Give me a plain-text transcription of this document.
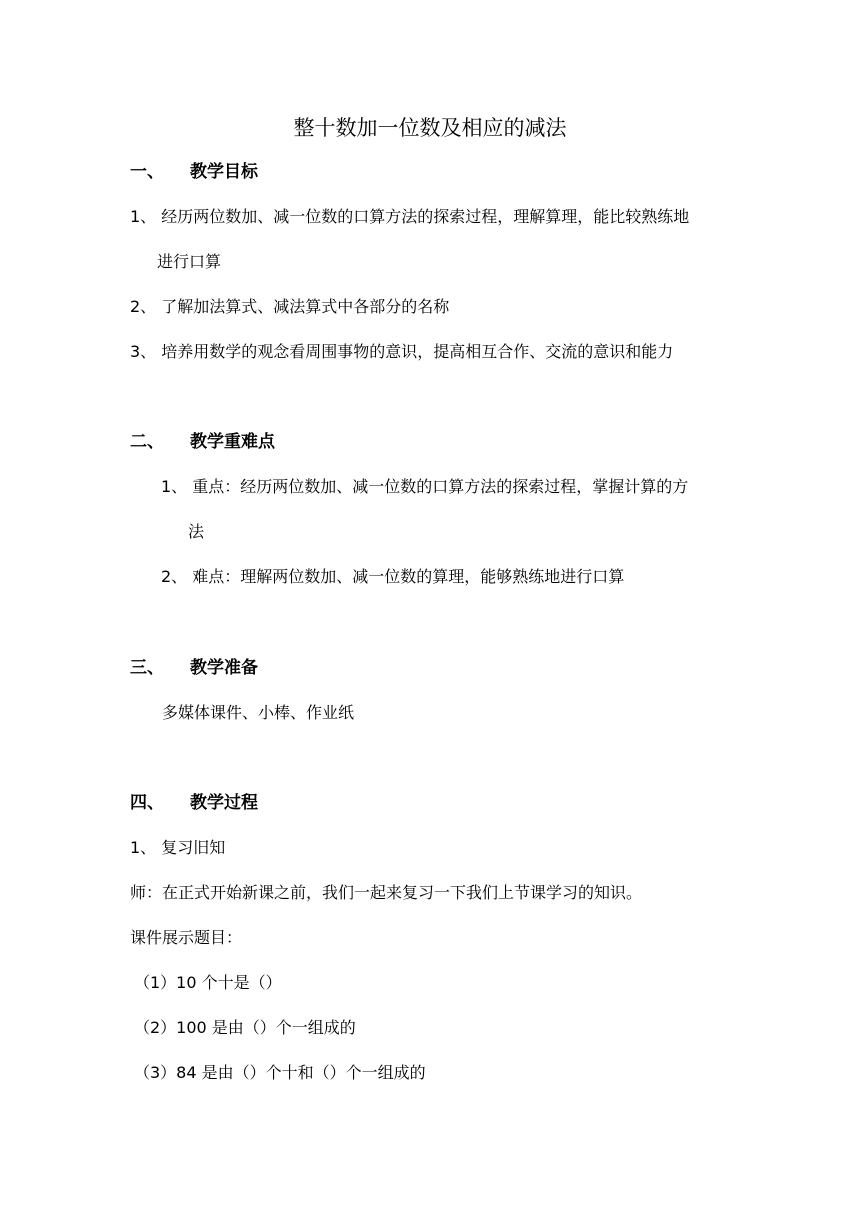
整十数加一位数及相应的减法
一、 教学目标
1、 经历两位数加、减一位数的口算方法的探索过程，理解算理，能比较熟练地
进行口算
2、 了解加法算式、减法算式中各部分的名称
3、 培养用数学的观念看周围事物的意识，提高相互合作、交流的意识和能力
二、 教学重难点
1、 重点：经历两位数加、减一位数的口算方法的探索过程，掌握计算的方
法
2、 难点：理解两位数加、减一位数的算理，能够熟练地进行口算
三、 教学准备
多媒体课件、小棒、作业纸
四、 教学过程
1、 复习旧知
师：在正式开始新课之前，我们一起来复习一下我们上节课学习的知识。
课件展示题目：
（1）10 个十是（）
（2）100 是由（）个一组成的
（3）84 是由（）个十和（）个一组成的
